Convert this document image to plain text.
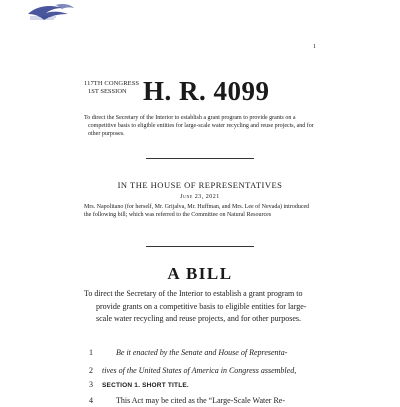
1
117TH CONGRESS
1ST SESSION H. R. 4099
To direct the Secretary of the Interior to establish a grant program to provide grants on a competitive basis to eligible entities for large-scale water recycling and reuse projects, and for other purposes.
IN THE HOUSE OF REPRESENTATIVES
June 23, 2021
Mrs. Napolitano (for herself, Mr. Grijalva, Mr. Huffman, and Mrs. Lee of Nevada) introduced the following bill; which was referred to the Committee on Natural Resources
A BILL
To direct the Secretary of the Interior to establish a grant program to provide grants on a competitive basis to eligible entities for large-scale water recycling and reuse projects, and for other purposes.
1	Be it enacted by the Senate and House of Representa-
2 tives of the United States of America in Congress assembled,
3 SECTION 1. SHORT TITLE.
4	This Act may be cited as the “Large-Scale Water Re-
